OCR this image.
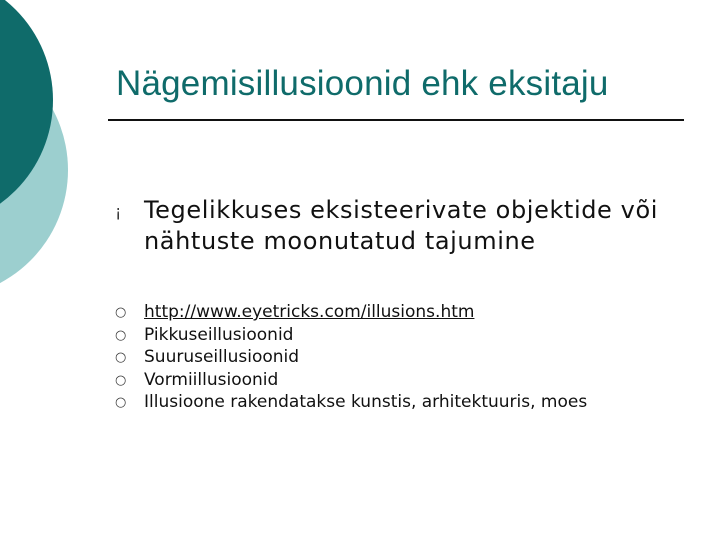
Nägemisillusioonid ehk eksitaju
¡ Tegelikkuses eksisteerivate objektide või nähtuste moonutatud tajumine
○ http://www.eyetricks.com/illusions.htm
○ Pikkuseillusioonid
○ Suuruseillusioonid
○ Vormiillusioonid
○ Illusioone rakendatakse kunstis, arhitektuuris, moes
